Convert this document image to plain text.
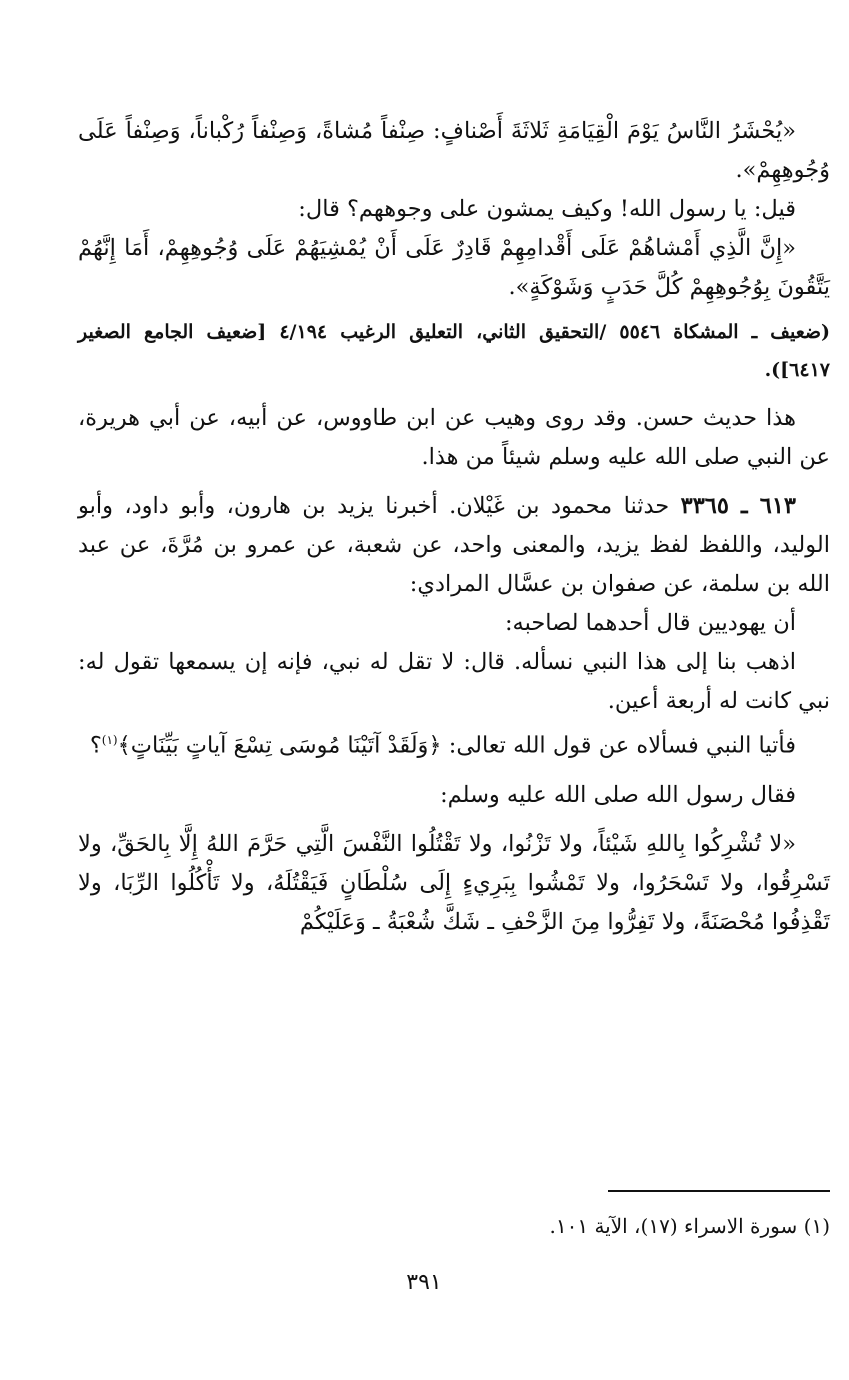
«يُحْشَرُ النَّاسُ يَوْمَ الْقِيَامَةِ ثَلاثَةَ أَصْنافٍ: صِنْفاً مُشاةً، وَصِنْفاً رُكْباناً، وَصِنْفاً عَلَى وُجُوهِهِمْ».

قيل: يا رسول الله! وكيف يمشون على وجوههم؟ قال:

«إِنَّ الَّذِي أَمْشاهُمْ عَلَى أَقْدامِهِمْ قَادِرٌ عَلَى أَنْ يُمْشِيَهُمْ عَلَى وُجُوهِهِمْ، أَمَا إِنَّهُمْ يَتَّقُونَ بِوُجُوهِهِمْ كُلَّ حَدَبٍ وَشَوْكَةٍ».

(ضعيف ـ المشكاة ٥٥٤٦ /التحقيق الثاني، التعليق الرغيب ٤/١٩٤ [ضعيف الجامع الصغير ٦٤١٧]).

هذا حديث حسن. وقد روى وهيب عن ابن طاووس، عن أبيه، عن أبي هريرة، عن النبي صلى الله عليه وسلم شيئاً من هذا.

٦١٣ ـ ٣٣٦٥ حدثنا محمود بن غَيْلان. أخبرنا يزيد بن هارون، وأبو داود، وأبو الوليد، واللفظ لفظ يزيد، والمعنى واحد، عن شعبة، عن عمرو بن مُرَّةَ، عن عبد الله بن سلمة، عن صفوان بن عسَّال المرادي:

أن يهوديين قال أحدهما لصاحبه:

اذهب بنا إلى هذا النبي نسأله. قال: لا تقل له نبي، فإنه إن يسمعها تقول له: نبي كانت له أربعة أعين.

فأتيا النبي فسألاه عن قول الله تعالى: ﴿وَلَقَدْ آتَيْنَا مُوسَى تِسْعَ آياتٍ بَيِّنَاتٍ﴾$^{(١)}$؟

فقال رسول الله صلى الله عليه وسلم:

«لا تُشْرِكُوا بِاللهِ شَيْئاً، ولا تَزْنُوا، ولا تَقْتُلُوا النَّفْسَ الَّتِي حَرَّمَ اللهُ إِلَّا بِالحَقِّ، ولا تَسْرِقُوا، ولا تَسْحَرُوا، ولا تَمْشُوا بِبَرِيءٍ إِلَى سُلْطَانٍ فَيَقْتُلَهُ، ولا تَأْكُلُوا الرِّبَا، ولا تَقْذِفُوا مُحْصَنَةً، ولا تَفِرُّوا مِنَ الزَّحْفِ ـ شَكَّ شُعْبَةُ ـ وَعَلَيْكُمْ

(١) سورة الاسراء (١٧)، الآية ١٠١.
٣٩١
